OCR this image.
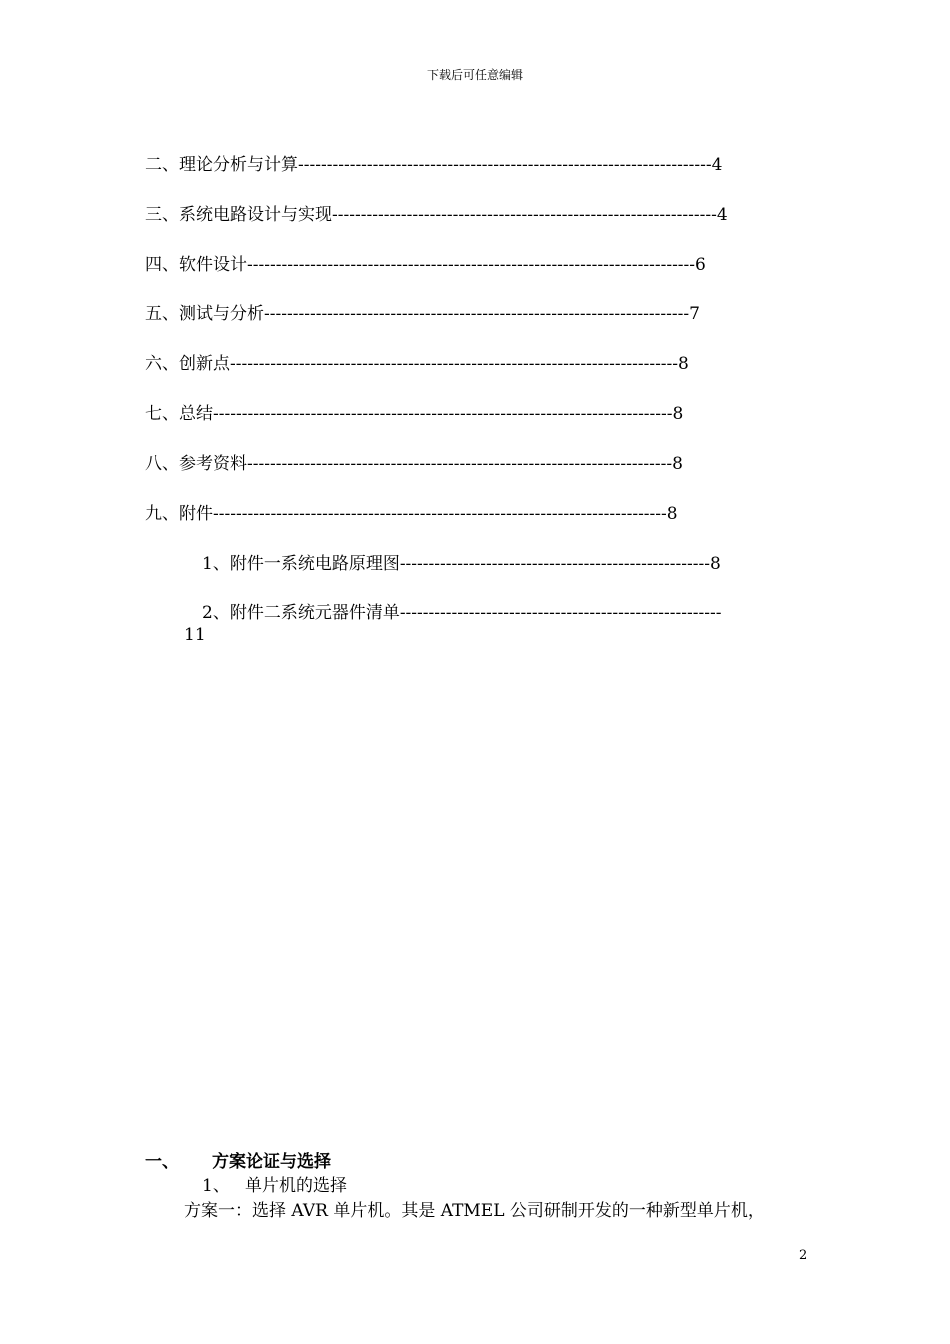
下载后可任意编辑
二、理论分析与计算------------------------------------------------------------------------4
三、系统电路设计与实现-------------------------------------------------------------------4
四、软件设计------------------------------------------------------------------------------6
五、测试与分析--------------------------------------------------------------------------7
六、创新点------------------------------------------------------------------------------8
七、总结--------------------------------------------------------------------------------8
八、参考资料--------------------------------------------------------------------------8
九、附件-------------------------------------------------------------------------------8
1、附件一系统电路原理图------------------------------------------------------8
2、附件二系统元器件清单--------------------------------------------------------
11
一、 方案论证与选择
1、 单片机的选择
方案一：选择 AVR 单片机。其是 ATMEL 公司研制开发的一种新型单片机，
2
